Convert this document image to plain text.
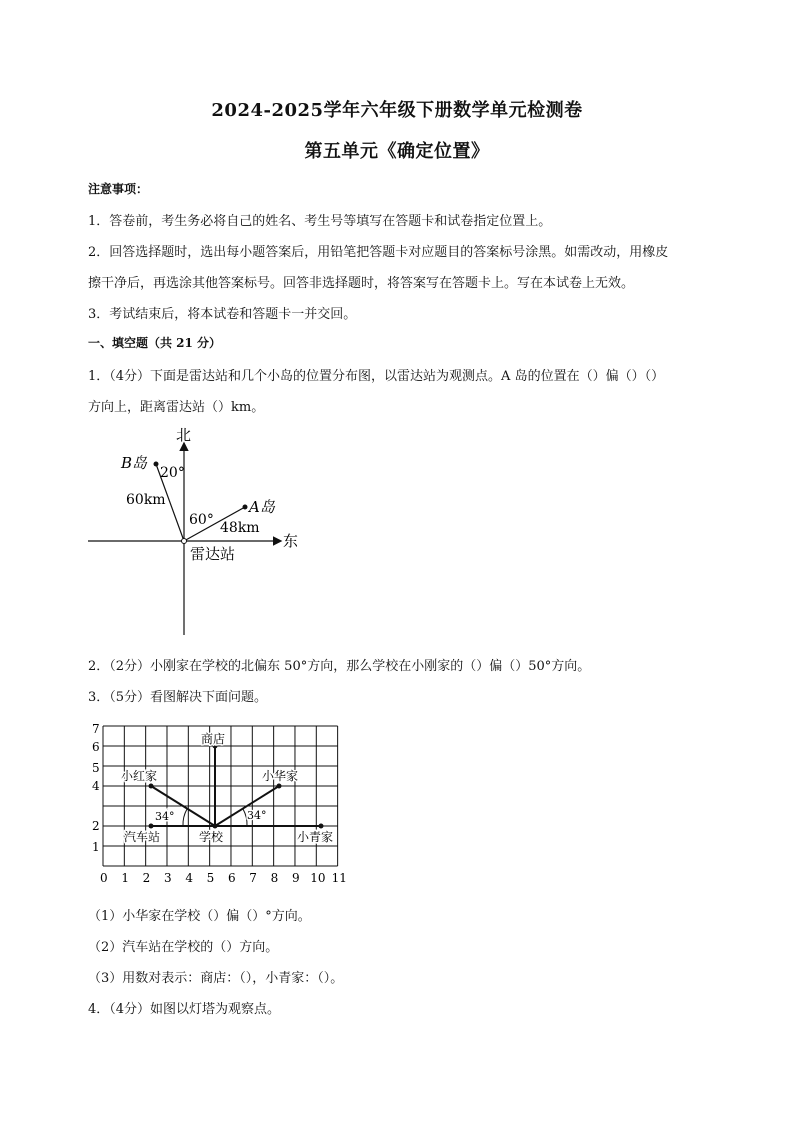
2024-2025学年六年级下册数学单元检测卷
第五单元《确定位置》
注意事项：
1．答卷前，考生务必将自己的姓名、考生号等填写在答题卡和试卷指定位置上。
2．回答选择题时，选出每小题答案后，用铅笔把答题卡对应题目的答案标号涂黑。如需改动，用橡皮
擦干净后，再选涂其他答案标号。回答非选择题时，将答案写在答题卡上。写在本试卷上无效。
3．考试结束后，将本试卷和答题卡一并交回。
一、填空题（共 21 分）
1．（4分）下面是雷达站和几个小岛的位置分布图，以雷达站为观测点。A 岛的位置在（）偏（）（）
方向上，距离雷达站（）km。
北
东
雷达站
B岛
A岛
20°
60°
60km
48km
2．（2分）小刚家在学校的北偏东 50°方向，那么学校在小刚家的（）偏（）50°方向。
3．（5分）看图解决下面问题。
0 1 2 3 4 5 6 7 8 9 10 11
1
2
4
5
6
7
商店
小红家	小华家
汽车站	学校	小青家
34°	34°
（1）小华家在学校（）偏（）°方向。
（2）汽车站在学校的（）方向。
（3）用数对表示：商店：（），小青家：（）。
4．（4分）如图以灯塔为观察点。
